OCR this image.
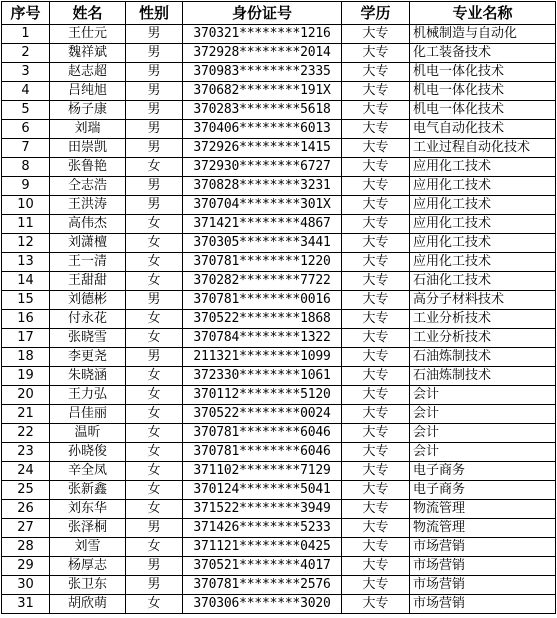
序号	姓名	性别	身份证号	学历	专业名称
1	王仕元	男	370321********1216	大专	机械制造与自动化
2	魏祥斌	男	372928********2014	大专	化工装备技术
3	赵志超	男	370983********2335	大专	机电一体化技术
4	吕纯旭	男	370682********191X	大专	机电一体化技术
5	杨子康	男	370283********5618	大专	机电一体化技术
6	刘瑞	男	370406********6013	大专	电气自动化技术
7	田崇凯	男	372926********1415	大专	工业过程自动化技术
8	张鲁艳	女	372930********6727	大专	应用化工技术
9	仝志浩	男	370828********3231	大专	应用化工技术
10	王洪涛	男	370704********301X	大专	应用化工技术
11	高伟杰	女	371421********4867	大专	应用化工技术
12	刘潇檀	女	370305********3441	大专	应用化工技术
13	王一清	女	370781********1220	大专	应用化工技术
14	王甜甜	女	370282********7722	大专	石油化工技术
15	刘德彬	男	370781********0016	大专	高分子材料技术
16	付永花	女	370522********1868	大专	工业分析技术
17	张晓雪	女	370784********1322	大专	工业分析技术
18	李更尧	男	211321********1099	大专	石油炼制技术
19	朱晓涵	女	372330********1061	大专	石油炼制技术
20	王力弘	女	370112********5120	大专	会计
21	吕佳丽	女	370522********0024	大专	会计
22	温昕	女	370781********6046	大专	会计
23	孙晓俊	女	370781********6046	大专	会计
24	辛全凤	女	371102********7129	大专	电子商务
25	张新鑫	女	370124********5041	大专	电子商务
26	刘东华	女	371522********3949	大专	物流管理
27	张泽桐	男	371426********5233	大专	物流管理
28	刘雪	女	371121********0425	大专	市场营销
29	杨厚志	男	370521********4017	大专	市场营销
30	张卫东	男	370781********2576	大专	市场营销
31	胡欣萌	女	370306********3020	大专	市场营销
